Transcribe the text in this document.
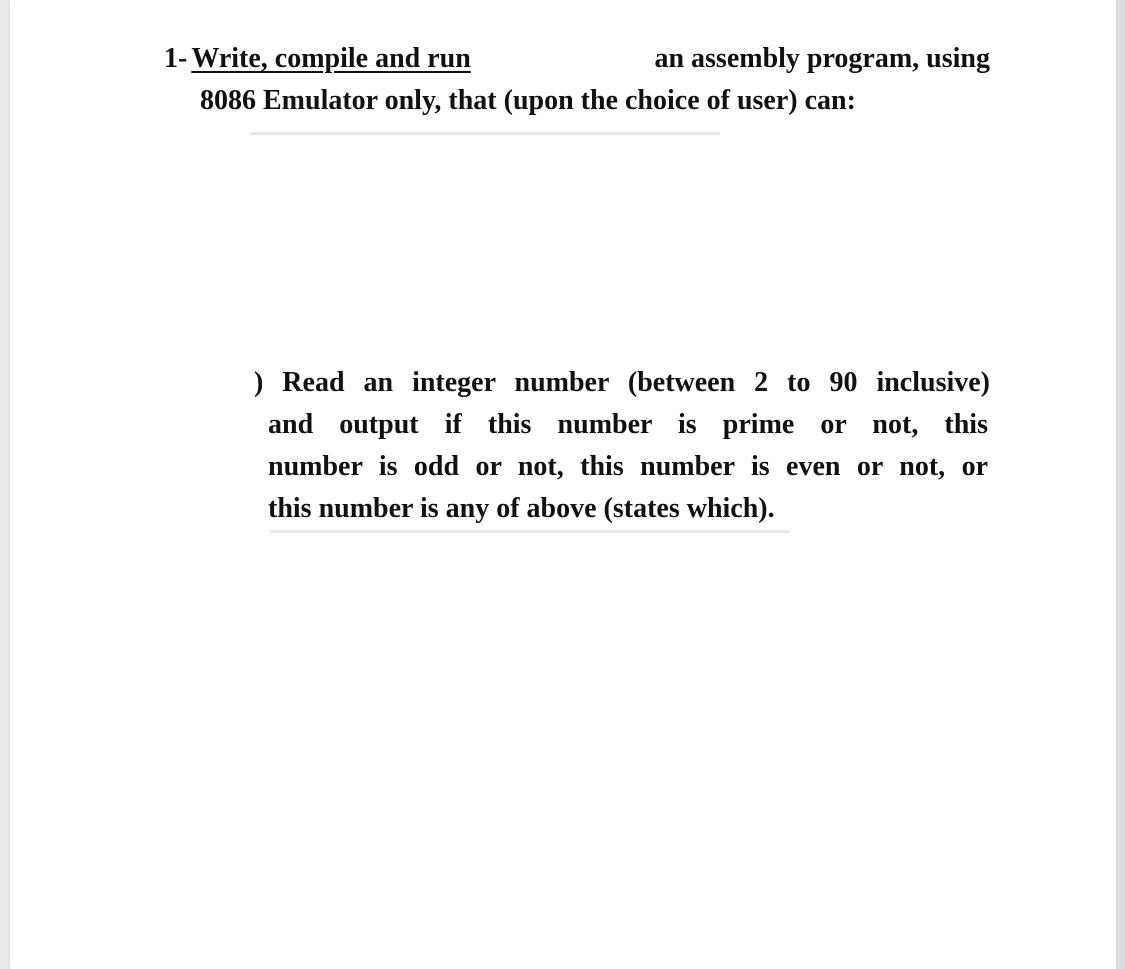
1- Write, compile and run	an assembly program, using
8086 Emulator only, that (upon the choice of user) can:
) Read an integer number (between 2 to 90 inclusive)
and output if this number is prime or not, this
number is odd or not, this number is even or not, or
this number is any of above (states which).
